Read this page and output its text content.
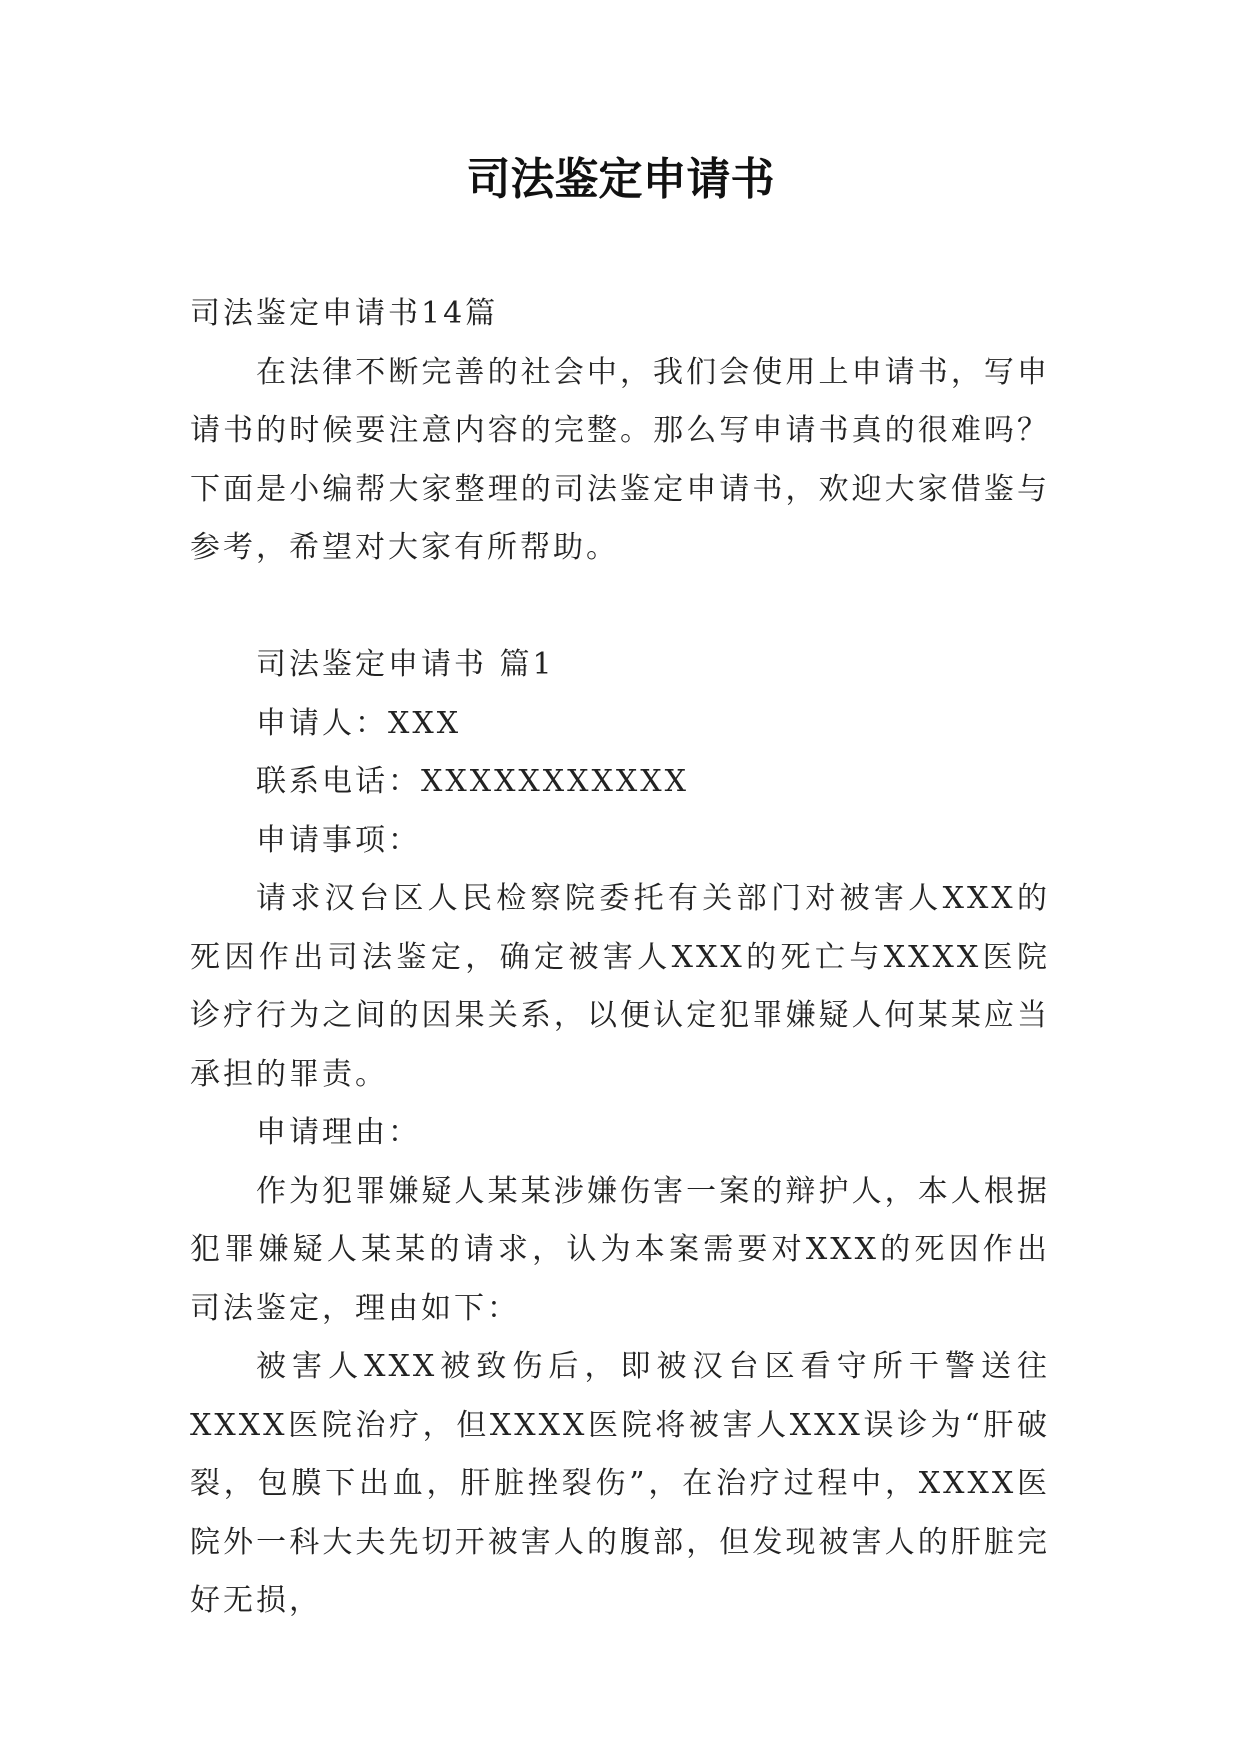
司法鉴定申请书

司法鉴定申请书14篇

在法律不断完善的社会中，我们会使用上申请书，写申请书的时候要注意内容的完整。那么写申请书真的很难吗？下面是小编帮大家整理的司法鉴定申请书，欢迎大家借鉴与参考，希望对大家有所帮助。

司法鉴定申请书 篇1

申请人：XXX

联系电话：XXXXXXXXXXX

申请事项：

请求汉台区人民检察院委托有关部门对被害人XXX的死因作出司法鉴定，确定被害人XXX的死亡与XXXX医院诊疗行为之间的因果关系，以便认定犯罪嫌疑人何某某应当承担的罪责。

申请理由：

作为犯罪嫌疑人某某涉嫌伤害一案的辩护人，本人根据犯罪嫌疑人某某的请求，认为本案需要对XXX的死因作出司法鉴定，理由如下：

被害人XXX被致伤后，即被汉台区看守所干警送往XXXX医院治疗，但XXXX医院将被害人XXX误诊为“肝破裂，包膜下出血，肝脏挫裂伤”，在治疗过程中，XXXX医院外一科大夫先切开被害人的腹部，但发现被害人的肝脏完好无损，
